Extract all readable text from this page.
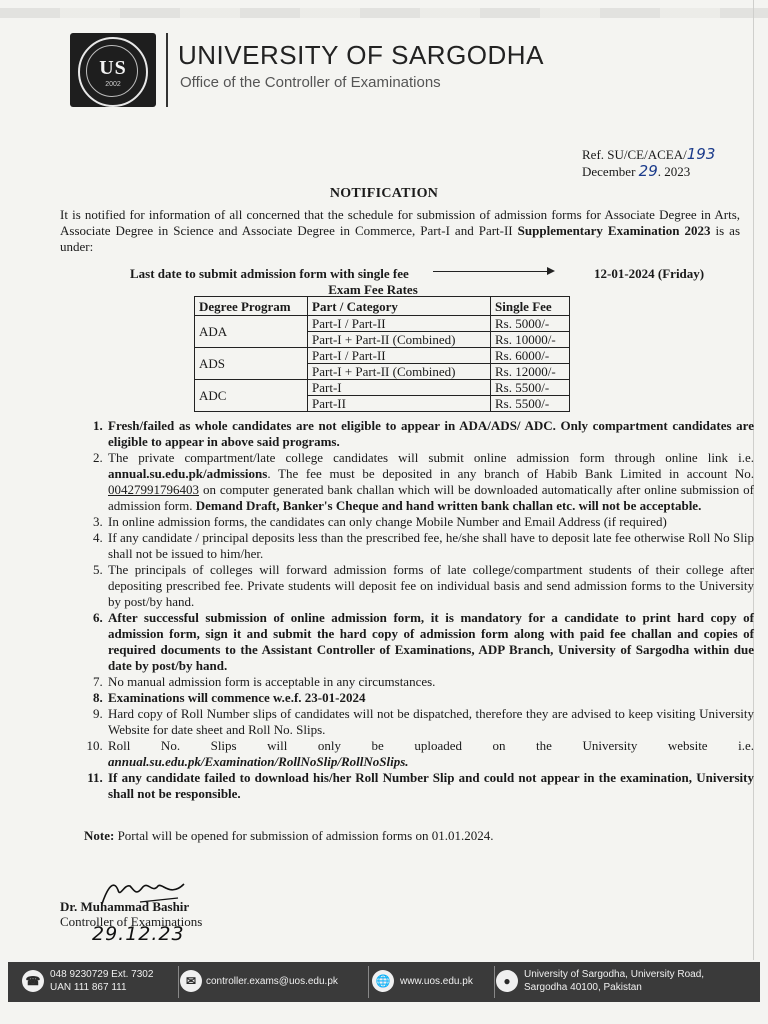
US
2002
UNIVERSITY OF SARGODHA
Office of the Controller of Examinations
Ref. SU/CE/ACEA/193
December 29. 2023
NOTIFICATION
It is notified for information of all concerned that the schedule for submission of admission forms for Associate Degree in Arts, Associate Degree in Science and Associate Degree in Commerce, Part-I and Part-II Supplementary Examination 2023 is as under:
Last date to submit admission form with single fee	12-01-2024 (Friday)
Exam Fee Rates
Degree Program	Part / Category	Single Fee
ADA	Part-I / Part-II	Rs. 5000/-
	Part-I + Part-II (Combined)	Rs. 10000/-
ADS	Part-I / Part-II	Rs. 6000/-
	Part-I + Part-II (Combined)	Rs. 12000/-
ADC	Part-I	Rs. 5500/-
	Part-II	Rs. 5500/-
1. Fresh/failed as whole candidates are not eligible to appear in ADA/ADS/ ADC. Only compartment candidates are eligible to appear in above said programs.
2. The private compartment/late college candidates will submit online admission form through online link i.e. annual.su.edu.pk/admissions. The fee must be deposited in any branch of Habib Bank Limited in account No. 00427991796403 on computer generated bank challan which will be downloaded automatically after online submission of admission form. Demand Draft, Banker's Cheque and hand written bank challan etc. will not be acceptable.
3. In online admission forms, the candidates can only change Mobile Number and Email Address (if required)
4. If any candidate / principal deposits less than the prescribed fee, he/she shall have to deposit late fee otherwise Roll No Slip shall not be issued to him/her.
5. The principals of colleges will forward admission forms of late college/compartment students of their college after depositing prescribed fee. Private students will deposit fee on individual basis and send admission forms to the University by post/by hand.
6. After successful submission of online admission form, it is mandatory for a candidate to print hard copy of admission form, sign it and submit the hard copy of admission form along with paid fee challan and copies of required documents to the Assistant Controller of Examinations, ADP Branch, University of Sargodha within due date by post/by hand.
7. No manual admission form is acceptable in any circumstances.
8. Examinations will commence w.e.f. 23-01-2024
9. Hard copy of Roll Number slips of candidates will not be dispatched, therefore they are advised to keep visiting University Website for date sheet and Roll No. Slips.
10. Roll No. Slips will only be uploaded on the University website i.e. annual.su.edu.pk/Examination/RollNoSlip/RollNoSlips.
11. If any candidate failed to download his/her Roll Number Slip and could not appear in the examination, University shall not be responsible.
Note: Portal will be opened for submission of admission forms on 01.01.2024.
Dr. Muhammad Bashir
Controller of Examinations
29.12.23
☎ 048 9230729 Ext. 7302
UAN 111 867 111	✉ controller.exams@uos.edu.pk	🌐 www.uos.edu.pk	●	University of Sargodha, University Road,
Sargodha 40100, Pakistan
